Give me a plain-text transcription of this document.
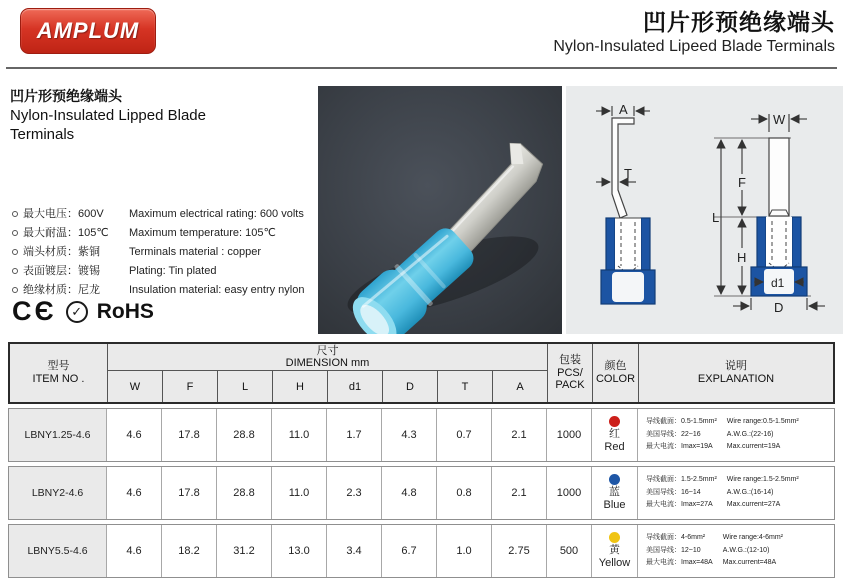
AMPLUM	凹片形预绝缘端头
Nylon-Insulated Lipeed Blade Terminals
凹片形预绝缘端头
Nylon-Insulated Lipped Blade Terminals
最大电压：600V	Maximum electrical rating: 600 volts
最大耐温：105℃	Maximum temperature: 105℃
端头材质：紫铜	Terminals material : copper
表面镀层：镀锡	Plating: Tin plated
绝缘材质：尼龙	Insulation material: easy entry nylon
CЄ	✓ RoHS
A
T
W
F
L
H
d1
D
型号
ITEM NO .
尺寸
DIMENSION mm
W	F	L	H	d1	D	T	A
包装
PCS/
PACK
颜色
COLOR
说明
EXPLANATION
LBNY1.25-4.6	4.6	17.8	28.8	11.0	1.7	4.3	0.7	2.1	1000	红
Red
导线截面：0.5-1.5mm²
美国导线：22~16
最大电流：Imax=19A
Wire range:0.5-1.5mm²
A.W.G.:(22-16)
Max.current=19A
LBNY2-4.6	4.6	17.8	28.8	11.0	2.3	4.8	0.8	2.1	1000	蓝
Blue
导线截面：1.5-2.5mm²
美国导线：16~14
最大电流：Imax=27A
Wire range:1.5-2.5mm²
A.W.G.:(16-14)
Max.current=27A
LBNY5.5-4.6	4.6	18.2	31.2	13.0	3.4	6.7	1.0	2.75	500	黄
Yellow
导线截面：4-6mm²
美国导线：12~10
最大电流：Imax=48A
Wire range:4-6mm²
A.W.G.:(12-10)
Max.current=48A
